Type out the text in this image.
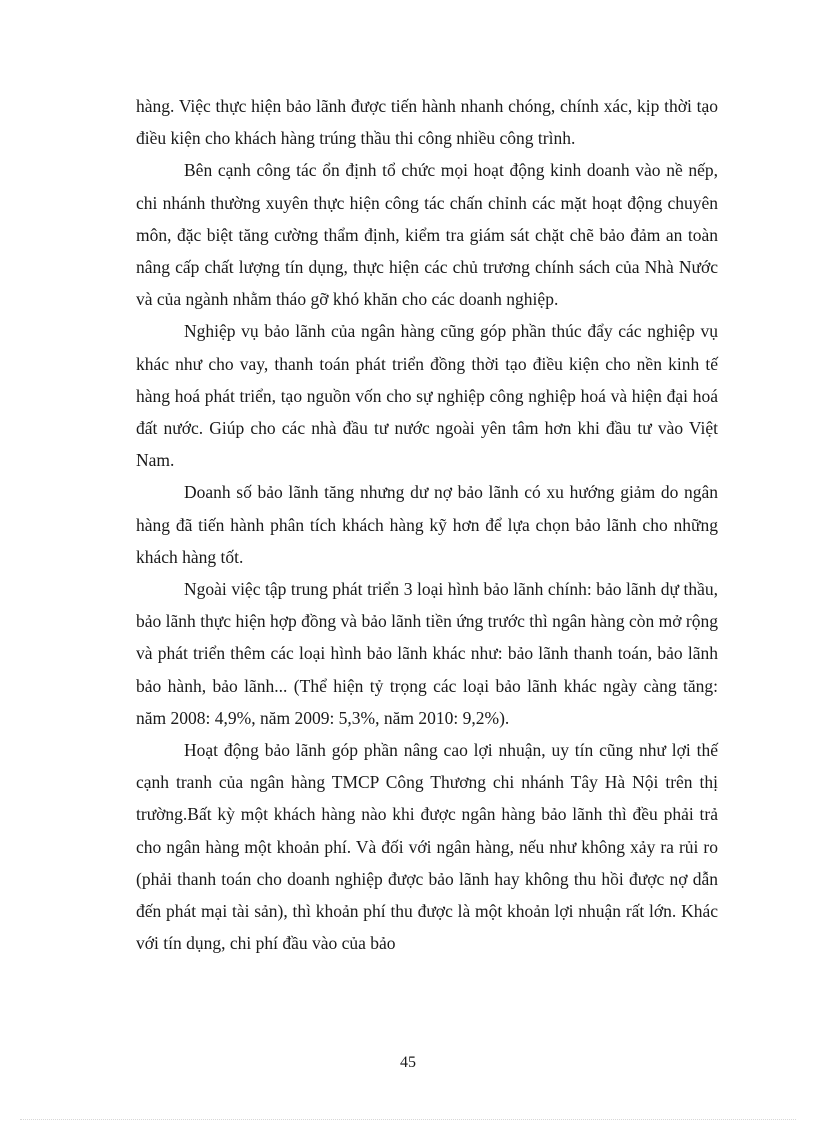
hàng. Việc thực hiện bảo lãnh được tiến hành nhanh chóng, chính xác, kịp thời tạo điều kiện cho khách hàng trúng thầu thi công nhiều công trình.

Bên cạnh công tác ổn định tổ chức mọi hoạt động kinh doanh vào nề nếp, chi nhánh thường xuyên thực hiện công tác chấn chỉnh các mặt hoạt động chuyên môn, đặc biệt tăng cường thẩm định, kiểm tra giám sát chặt chẽ bảo đảm an toàn nâng cấp chất lượng tín dụng, thực hiện các chủ trương chính sách của Nhà Nước và của ngành nhằm tháo gỡ khó khăn cho các doanh nghiệp.

Nghiệp vụ bảo lãnh của ngân hàng cũng góp phần thúc đẩy các nghiệp vụ khác như cho vay, thanh toán phát triển đồng thời tạo điều kiện cho nền kinh tế hàng hoá phát triển, tạo nguồn vốn cho sự nghiệp công nghiệp hoá và hiện đại hoá đất nước. Giúp cho các nhà đầu tư nước ngoài yên tâm hơn khi đầu tư vào Việt Nam.

Doanh số bảo lãnh tăng nhưng dư nợ bảo lãnh có xu hướng giảm do ngân hàng đã tiến hành phân tích khách hàng kỹ hơn để lựa chọn bảo lãnh cho những khách hàng tốt.

Ngoài việc tập trung phát triển 3 loại hình bảo lãnh chính: bảo lãnh dự thầu, bảo lãnh thực hiện hợp đồng và bảo lãnh tiền ứng trước thì ngân hàng còn mở rộng và phát triển thêm các loại hình bảo lãnh khác như: bảo lãnh thanh toán, bảo lãnh bảo hành, bảo lãnh... (Thể hiện tỷ trọng các loại bảo lãnh khác ngày càng tăng: năm 2008: 4,9%, năm 2009: 5,3%, năm 2010: 9,2%).

Hoạt động bảo lãnh góp phần nâng cao lợi nhuận, uy tín cũng như lợi thế cạnh tranh của ngân hàng TMCP Công Thương chi nhánh Tây Hà Nội trên thị trường.Bất kỳ một khách hàng nào khi được ngân hàng bảo lãnh thì đều phải trả cho ngân hàng một khoản phí. Và đối với ngân hàng, nếu như không xảy ra rủi ro (phải thanh toán cho doanh nghiệp được bảo lãnh hay không thu hồi được nợ dẫn đến phát mại tài sản), thì khoản phí thu được là một khoản lợi nhuận rất lớn. Khác với tín dụng, chi phí đầu vào của bảo

45
